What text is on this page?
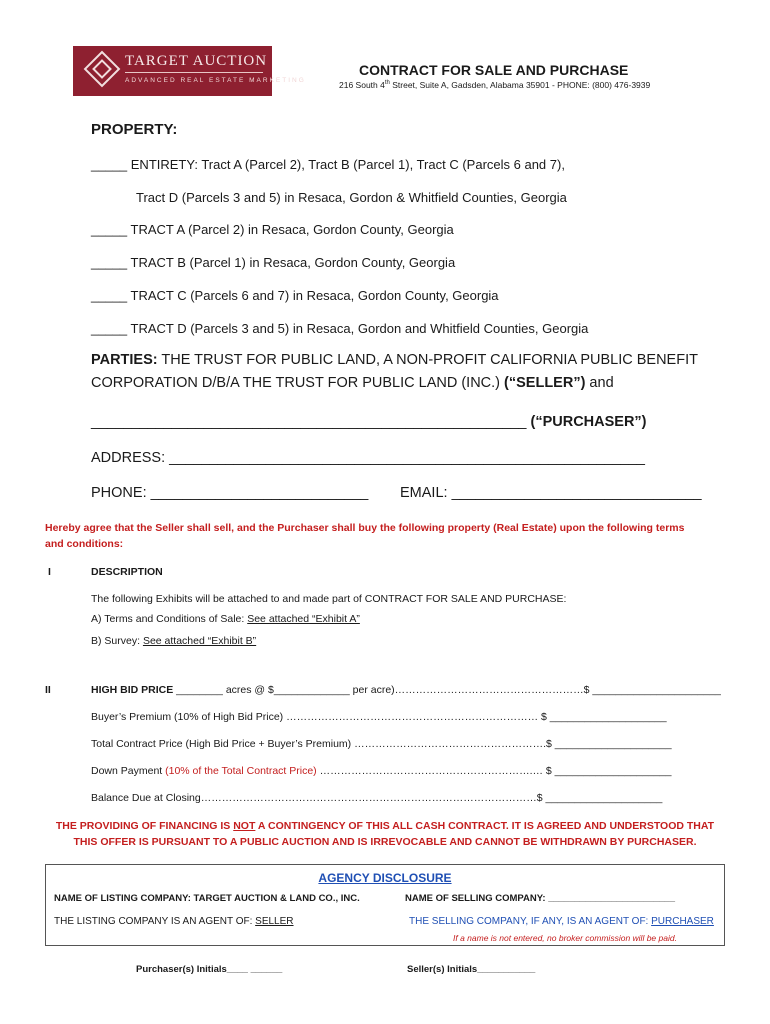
TARGET AUCTION
ADVANCED REAL ESTATE MARKETING
CONTRACT FOR SALE AND PURCHASE
216 South 4th Street, Suite A, Gadsden, Alabama 35901 - PHONE: (800) 476-3939
PROPERTY:
_____ ENTIRETY: Tract A (Parcel 2), Tract B (Parcel 1), Tract C (Parcels 6 and 7),
Tract D (Parcels 3 and 5) in Resaca, Gordon & Whitfield Counties, Georgia
_____ TRACT A (Parcel 2) in Resaca, Gordon County, Georgia
_____ TRACT B (Parcel 1) in Resaca, Gordon County, Georgia
_____ TRACT C (Parcels 6 and 7) in Resaca, Gordon County, Georgia
_____ TRACT D (Parcels 3 and 5) in Resaca, Gordon and Whitfield Counties, Georgia
PARTIES: THE TRUST FOR PUBLIC LAND, A NON-PROFIT CALIFORNIA PUBLIC BENEFIT
CORPORATION D/B/A THE TRUST FOR PUBLIC LAND (INC.) (“SELLER”) and
______________________________________________________ (“PURCHASER”)
ADDRESS: ___________________________________________________________
PHONE: ___________________________ EMAIL: _______________________________
Hereby agree that the Seller shall sell, and the Purchaser shall buy the following property (Real Estate) upon the following terms
and conditions:
I	DESCRIPTION
The following Exhibits will be attached to and made part of CONTRACT FOR SALE AND PURCHASE:
A) Terms and Conditions of Sale: See attached “Exhibit A”
B) Survey: See attached “Exhibit B”
II	HIGH BID PRICE ________ acres @ $_____________ per acre)………………………………………………$ ______________________
Buyer’s Premium (10% of High Bid Price) ……………………………………………………………… $ ____________________
Total Contract Price (High Bid Price + Buyer’s Premium) ……………………………………………….$ ____________________
Down Payment (10% of the Total Contract Price) …………………………………………………….… $ ____________________
Balance Due at Closing……………………………………………………………………………………$ ____________________
THE PROVIDING OF FINANCING IS NOT A CONTINGENCY OF THIS ALL CASH CONTRACT. IT IS AGREED AND UNDERSTOOD THAT
THIS OFFER IS PURSUANT TO A PUBLIC AUCTION AND IS IRREVOCABLE AND CANNOT BE WITHDRAWN BY PURCHASER.
AGENCY DISCLOSURE
NAME OF LISTING COMPANY: TARGET AUCTION & LAND CO., INC.	NAME OF SELLING COMPANY: ________________________
THE LISTING COMPANY IS AN AGENT OF: SELLER	THE SELLING COMPANY, IF ANY, IS AN AGENT OF: PURCHASER
If a name is not entered, no broker commission will be paid.
Purchaser(s) Initials____ ______	Seller(s) Initials___________
